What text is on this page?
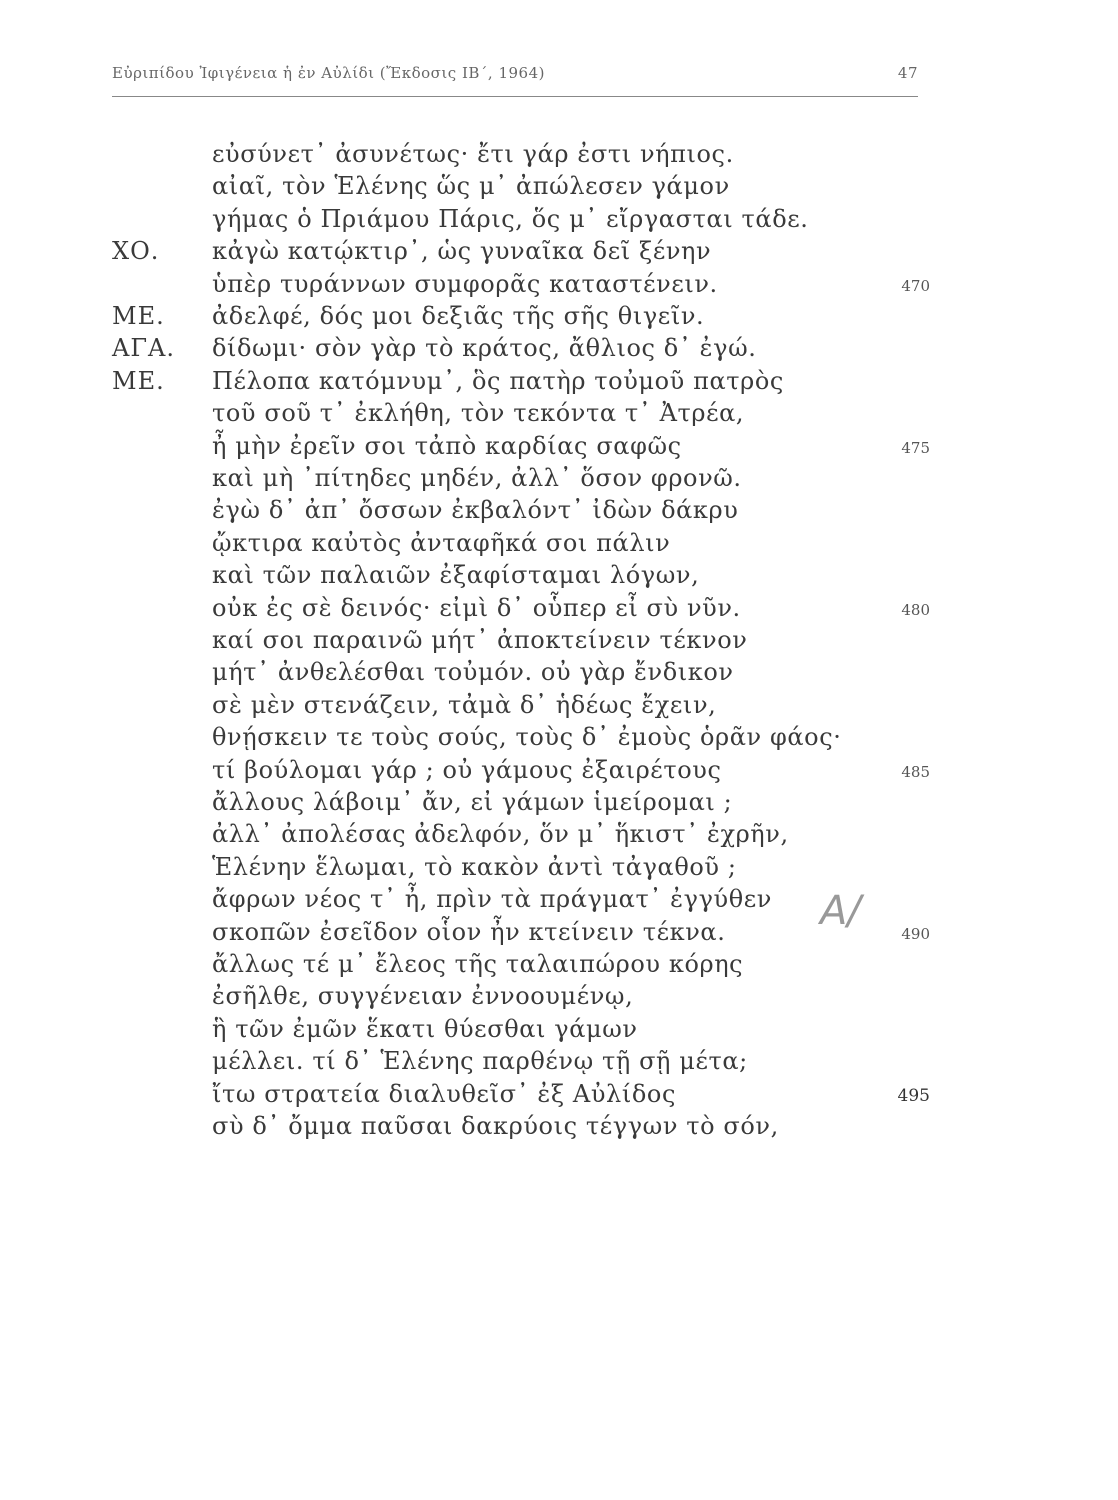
Εὐριπίδου Ἰφιγένεια ἡ ἐν Αὐλίδι (Ἔκδοσις ΙΒ΄, 1964)	47
εὐσύνετ᾿ ἀσυνέτως· ἔτι γάρ ἐστι νήπιος.
αἰαῖ, τὸν Ἑλένης ὥς μ᾿ ἀπώλεσεν γάμον
γήμας ὁ Πριάμου Πάρις, ὅς μ᾿ εἴργασται τάδε.
ΧΟ. κἀγὼ κατῴκτιρ᾿, ὡς γυναῖκα δεῖ ξένην
ὑπὲρ τυράννων συμφορᾶς καταστένειν.	470
ΜΕ. ἀδελφέ, δός μοι δεξιᾶς τῆς σῆς θιγεῖν.
ΑΓΑ. δίδωμι· σὸν γὰρ τὸ κράτος, ἄθλιος δ᾿ ἐγώ.
ΜΕ. Πέλοπα κατόμνυμ᾿, ὃς πατὴρ τοὐμοῦ πατρὸς
τοῦ σοῦ τ᾿ ἐκλήθη, τὸν τεκόντα τ᾿ Ἀτρέα,
ἦ μὴν ἐρεῖν σοι τἀπὸ καρδίας σαφῶς	475
καὶ μὴ ᾿πίτηδες μηδέν, ἀλλ᾿ ὅσον φρονῶ.
ἐγὼ δ᾿ ἀπ᾿ ὄσσων ἐκβαλόντ᾿ ἰδὼν δάκρυ
ᾤκτιρα καὐτὸς ἀνταφῆκά σοι πάλιν
καὶ τῶν παλαιῶν ἐξαφίσταμαι λόγων,
οὐκ ἐς σὲ δεινός· εἰμὶ δ᾿ οὗπερ εἶ σὺ νῦν.	480
καί σοι παραινῶ μήτ᾿ ἀποκτείνειν τέκνον
μήτ᾿ ἀνθελέσθαι τοὐμόν. οὐ γὰρ ἔνδικον
σὲ μὲν στενάζειν, τἀμὰ δ᾿ ἡδέως ἔχειν,
θνῄσκειν τε τοὺς σούς, τοὺς δ᾿ ἐμοὺς ὁρᾶν φάος·
τί βούλομαι γάρ ; οὐ γάμους ἐξαιρέτους	485
ἄλλους λάβοιμ᾿ ἄν, εἰ γάμων ἱμείρομαι ;
ἀλλ᾿ ἀπολέσας ἀδελφόν, ὅν μ᾿ ἥκιστ᾿ ἐχρῆν,
Ἑλένην ἕλωμαι, τὸ κακὸν ἀντὶ τἀγαθοῦ ;
ἄφρων νέος τ᾿ ἦ, πρὶν τὰ πράγματ᾿ ἐγγύθεν
σκοπῶν ἐσεῖδον οἷον ἦν κτείνειν τέκνα.	490
ἄλλως τέ μ᾿ ἔλεος τῆς ταλαιπώρου κόρης
ἐσῆλθε, συγγένειαν ἐννοουμένῳ,
ἣ τῶν ἐμῶν ἕκατι θύεσθαι γάμων
μέλλει. τί δ᾿ Ἑλένης παρθένῳ τῇ σῇ μέτα;
ἴτω στρατεία διαλυθεῖσ᾿ ἐξ Αὐλίδος	495
σὺ δ᾿ ὄμμα παῦσαι δακρύοις τέγγων τὸ σόν,
A/
